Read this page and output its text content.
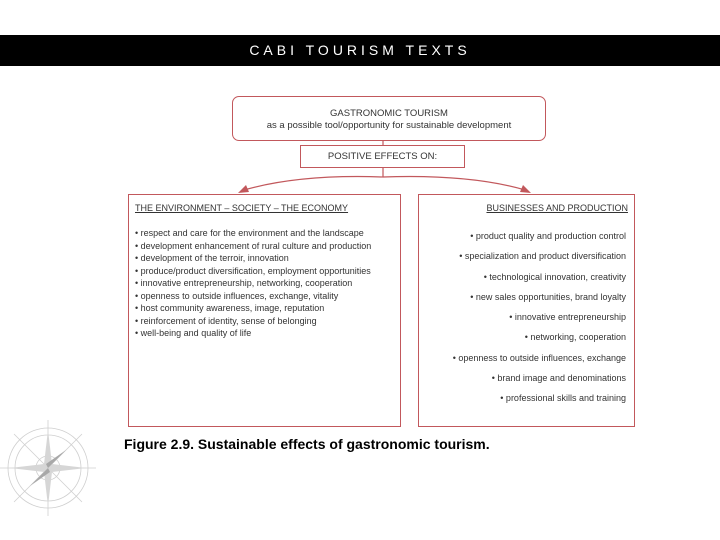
CABI TOURISM TEXTS
GASTRONOMIC TOURISM
as a possible tool/opportunity for sustainable development
POSITIVE EFFECTS ON:
THE ENVIRONMENT – SOCIETY – THE ECONOMY
• respect and care for the environment and the landscape
• development enhancement of rural culture and production
• development of the terroir, innovation
• produce/product diversification, employment opportunities
• innovative entrepreneurship, networking, cooperation
• openness to outside influences, exchange, vitality
• host community awareness, image, reputation
• reinforcement of identity, sense of belonging
• well-being and quality of life
BUSINESSES AND PRODUCTION
• product quality and production control
• specialization and product diversification
• technological innovation, creativity
• new sales opportunities, brand loyalty
• innovative entrepreneurship
• networking, cooperation
• openness to outside influences, exchange
• brand image and denominations
• professional skills and training
Figure 2.9. Sustainable effects of gastronomic tourism.
